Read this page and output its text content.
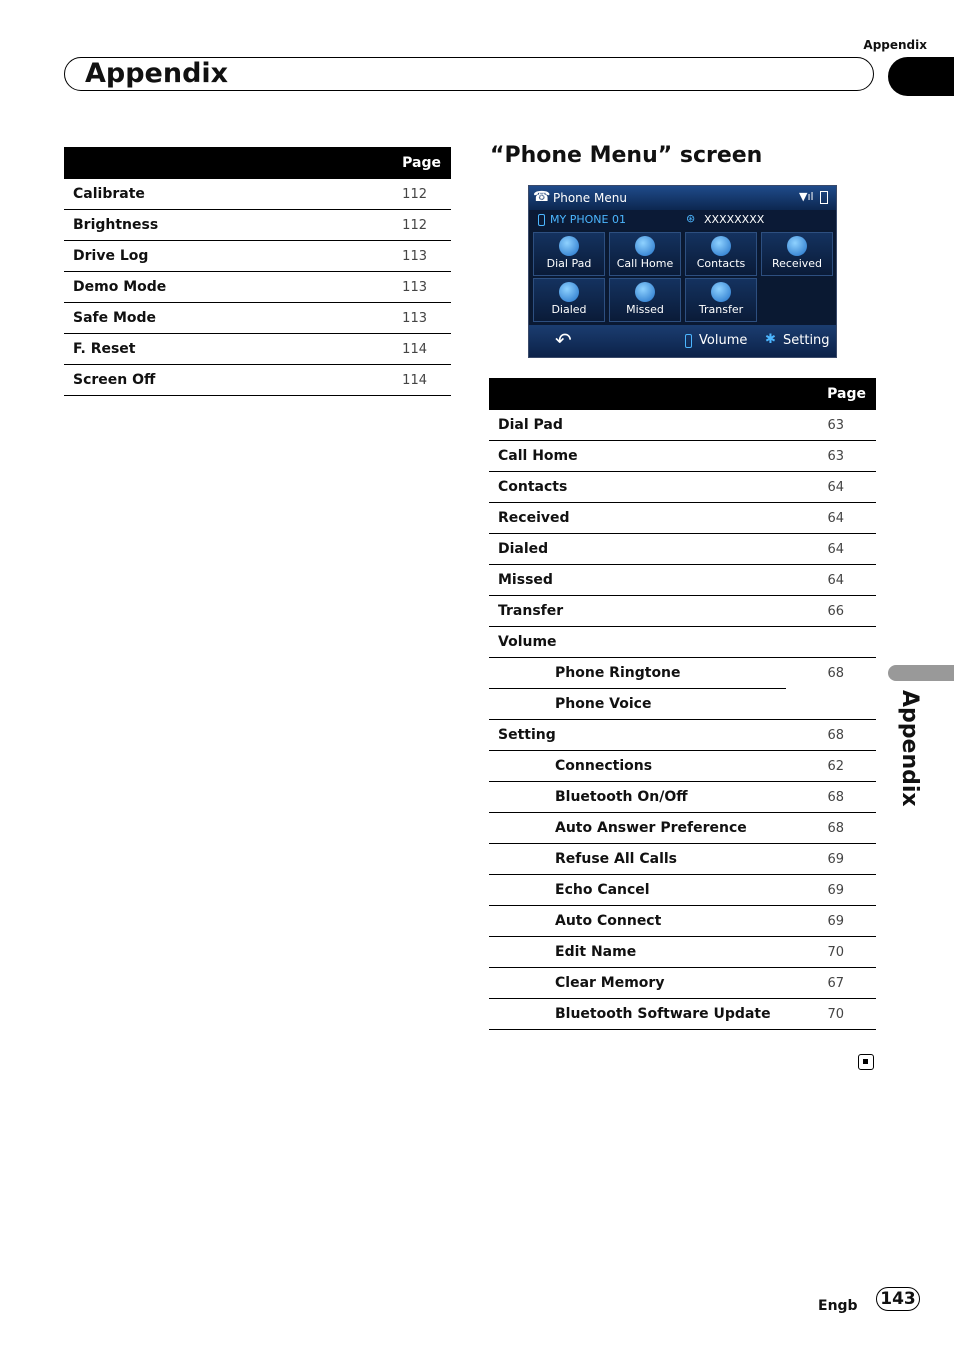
Appendix
Appendix
	Page
Calibrate	112
Brightness	112
Drive Log	113
Demo Mode	113
Safe Mode	113
F. Reset	114
Screen Off	114
“Phone Menu” screen
☎ Phone Menu	▼ıl
MY PHONE 01	⊛ XXXXXXXX
Dial Pad	Call Home	Contacts	Received
Dialed	Missed	Transfer
↶	Volume ✱ Setting
	Page
Dial Pad	63
Call Home	63
Contacts	64
Received	64
Dialed	64
Missed	64
Transfer	66
Volume	
Phone Ringtone	68
Phone Voice	
Setting	68
Connections	62
Bluetooth On/Off	68
Auto Answer Preference	68
Refuse All Calls	69
Echo Cancel	69
Auto Connect	69
Edit Name	70
Clear Memory	67
Bluetooth Software Update	70
Appendix
Engb 143
